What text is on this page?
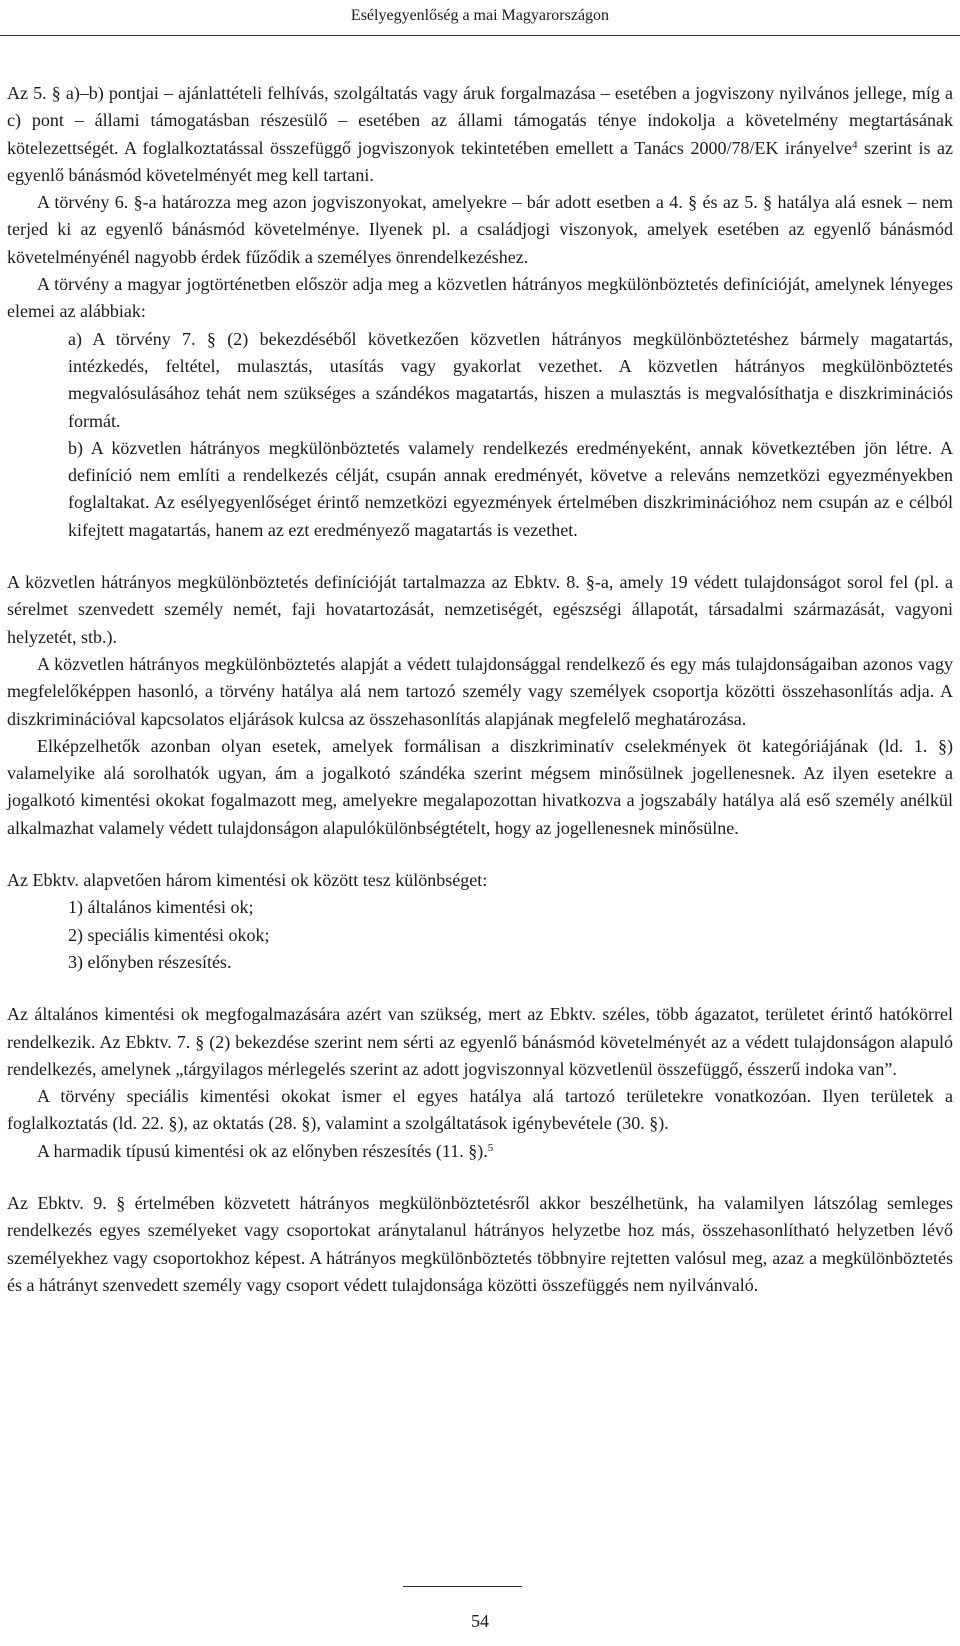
Esélyegyenlőség a mai Magyarországon

Az 5. § a)–b) pontjai – ajánlattételi felhívás, szolgáltatás vagy áruk forgalmazása – esetében a jogviszony nyilvános jellege, míg a c) pont – állami támogatásban részesülő – esetében az állami támogatás ténye indokolja a követelmény megtartásának kötelezettségét. A foglalkoztatással összefüggő jogviszonyok tekintetében emellett a Tanács 2000/78/EK irányelve$^4$ szerint is az egyenlő bánásmód követelményét meg kell tartani.

A törvény 6. §-a határozza meg azon jogviszonyokat, amelyekre – bár adott esetben a 4. § és az 5. § hatálya alá esnek – nem terjed ki az egyenlő bánásmód követelménye. Ilyenek pl. a családjogi viszonyok, amelyek esetében az egyenlő bánásmód követelményénél nagyobb érdek fűződik a személyes önrendelkezéshez.

A törvény a magyar jogtörténetben először adja meg a közvetlen hátrányos megkülönböztetés definícióját, amelynek lényeges elemei az alábbiak:

a) A törvény 7. § (2) bekezdéséből következően közvetlen hátrányos megkülönböztetéshez bármely magatartás, intézkedés, feltétel, mulasztás, utasítás vagy gyakorlat vezethet. A közvetlen hátrányos megkülönböztetés megvalósulásához tehát nem szükséges a szándékos magatartás, hiszen a mulasztás is megvalósíthatja e diszkriminációs formát.

b) A közvetlen hátrányos megkülönböztetés valamely rendelkezés eredményeként, annak következtében jön létre. A definíció nem említi a rendelkezés célját, csupán annak eredményét, követve a releváns nemzetközi egyezményekben foglaltakat. Az esélyegyenlőséget érintő nemzetközi egyezmények értelmében diszkriminációhoz nem csupán az e célból kifejtett magatartás, hanem az ezt eredményező magatartás is vezethet.

A közvetlen hátrányos megkülönböztetés definícióját tartalmazza az Ebktv. 8. §-a, amely 19 védett tulajdonságot sorol fel (pl. a sérelmet szenvedett személy nemét, faji hovatartozását, nemzetiségét, egészségi állapotát, társadalmi származását, vagyoni helyzetét, stb.).

A közvetlen hátrányos megkülönböztetés alapját a védett tulajdonsággal rendelkező és egy más tulajdonságaiban azonos vagy megfelelőképpen hasonló, a törvény hatálya alá nem tartozó személy vagy személyek csoportja közötti összehasonlítás adja. A diszkriminációval kapcsolatos eljárások kulcsa az összehasonlítás alapjának megfelelő meghatározása.

Elképzelhetők azonban olyan esetek, amelyek formálisan a diszkriminatív cselekmények öt kategóriájának (ld. 1. §) valamelyike alá sorolhatók ugyan, ám a jogalkotó szándéka szerint mégsem minősülnek jogellenesnek. Az ilyen esetekre a jogalkotó kimentési okokat fogalmazott meg, amelyekre megalapozottan hivatkozva a jogszabály hatálya alá eső személy anélkül alkalmazhat valamely védett tulajdonságon alapulókülönbségtételt, hogy az jogellenesnek minősülne.

Az Ebktv. alapvetően három kimentési ok között tesz különbséget:

1) általános kimentési ok;

2) speciális kimentési okok;

3) előnyben részesítés.

Az általános kimentési ok megfogalmazására azért van szükség, mert az Ebktv. széles, több ágazatot, területet érintő hatókörrel rendelkezik. Az Ebktv. 7. § (2) bekezdése szerint nem sérti az egyenlő bánásmód követelményét az a védett tulajdonságon alapuló rendelkezés, amelynek „tárgyilagos mérlegelés szerint az adott jogviszonnyal közvetlenül összefüggő, ésszerű indoka van”.

A törvény speciális kimentési okokat ismer el egyes hatálya alá tartozó területekre vonatkozóan. Ilyen területek a foglalkoztatás (ld. 22. §), az oktatás (28. §), valamint a szolgáltatások igénybevétele (30. §).

A harmadik típusú kimentési ok az előnyben részesítés (11. §).$^5$

Az Ebktv. 9. § értelmében közvetett hátrányos megkülönböztetésről akkor beszélhetünk, ha valamilyen látszólag semleges rendelkezés egyes személyeket vagy csoportokat aránytalanul hátrányos helyzetbe hoz más, összehasonlítható helyzetben lévő személyekhez vagy csoportokhoz képest. A hátrányos megkülönböztetés többnyire rejtetten valósul meg, azaz a megkülönböztetés és a hátrányt szenvedett személy vagy csoport védett tulajdonsága közötti összefüggés nem nyilvánvaló.

54
